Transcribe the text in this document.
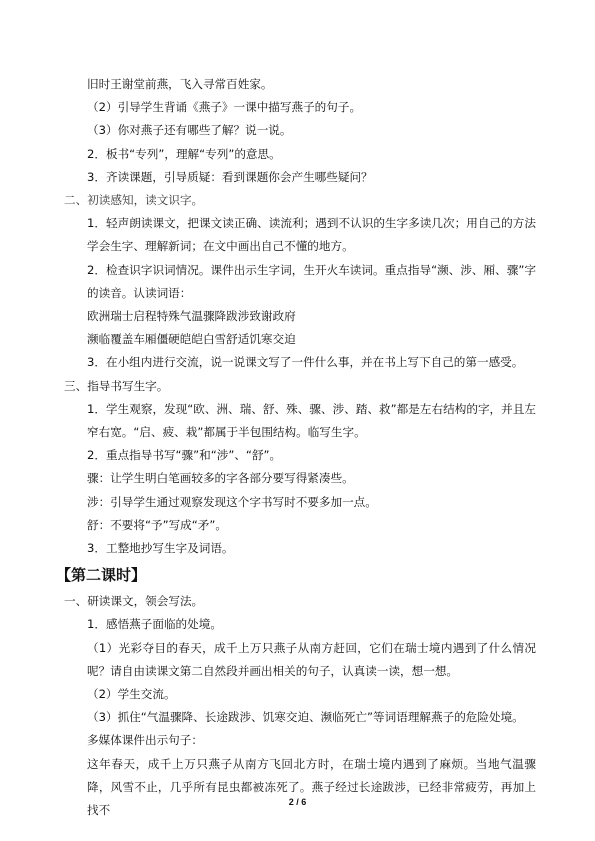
旧时王谢堂前燕，飞入寻常百姓家。
（2）引导学生背诵《燕子》一课中描写燕子的句子。
（3）你对燕子还有哪些了解？说一说。
2．板书“专列”，理解“专列”的意思。
3．齐读课题，引导质疑：看到课题你会产生哪些疑问？
二、初读感知，读文识字。
1．轻声朗读课文，把课文读正确、读流利；遇到不认识的生字多读几次；用自己的方法学会生字、理解新词；在文中画出自己不懂的地方。
2．检查识字识词情况。课件出示生字词，生开火车读词。重点指导“濒、涉、厢、骤”字的读音。认读词语：
欧洲瑞士启程特殊气温骤降跋涉致谢政府
濒临覆盖车厢僵硬皑皑白雪舒适饥寒交迫
3．在小组内进行交流，说一说课文写了一件什么事，并在书上写下自己的第一感受。
三、指导书写生字。
1．学生观察，发现“欧、洲、瑞、舒、殊、骤、涉、踏、救”都是左右结构的字，并且左窄右宽。“启、疲、栽”都属于半包围结构。临写生字。
2．重点指导书写“骤”和“涉”、“舒”。
骤：让学生明白笔画较多的字各部分要写得紧凑些。
涉：引导学生通过观察发现这个字书写时不要多加一点。
舒：不要将“予”写成“矛”。
3．工整地抄写生字及词语。
【第二课时】
一、研读课文，领会写法。
1．感悟燕子面临的处境。
（1）光彩夺目的春天，成千上万只燕子从南方赶回，它们在瑞士境内遇到了什么情况呢？请自由读课文第二自然段并画出相关的句子，认真读一读，想一想。
（2）学生交流。
（3）抓住“气温骤降、长途跋涉、饥寒交迫、濒临死亡”等词语理解燕子的危险处境。
多媒体课件出示句子：
这年春天，成千上万只燕子从南方飞回北方时，在瑞士境内遇到了麻烦。当地气温骤降，风雪不止，几乎所有昆虫都被冻死了。燕子经过长途跋涉，已经非常疲劳，再加上找不
2 / 6
